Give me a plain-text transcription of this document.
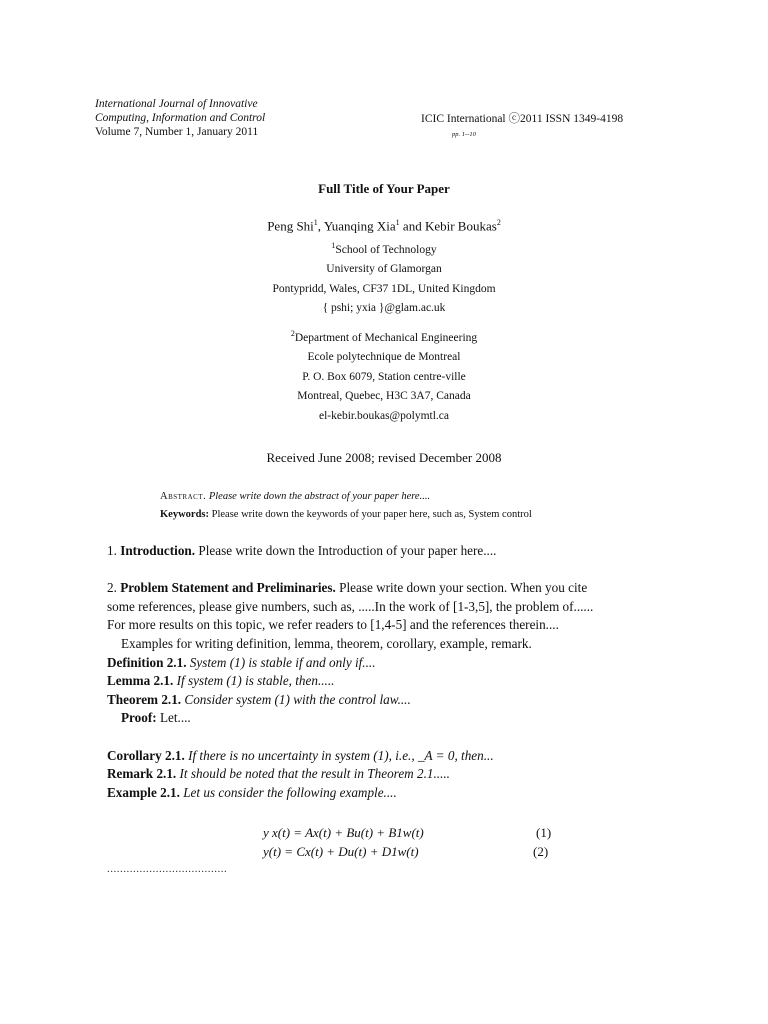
International Journal of Innovative
Computing, Information and Control
Volume 7, Number 1, January 2011
ICIC International ⓒ2011 ISSN 1349-4198
pp. 1--10
Full Title of Your Paper
Peng Shi$^1$, Yuanqing Xia$^1$ and Kebir Boukas$^2$
$^1$School of Technology
University of Glamorgan
Pontypridd, Wales, CF37 1DL, United Kingdom
{ pshi; yxia }@glam.ac.uk
$^2$Department of Mechanical Engineering
Ecole polytechnique de Montreal
P. O. Box 6079, Station centre-ville
Montreal, Quebec, H3C 3A7, Canada
el-kebir.boukas@polymtl.ca
Received June 2008; revised December 2008
Abstract. Please write down the abstract of your paper here....
Keywords: Please write down the keywords of your paper here, such as, System control

1. Introduction. Please write down the Introduction of your paper here....

2. Problem Statement and Preliminaries. Please write down your section. When you cite

some references, please give numbers, such as, .....In the work of [1-3,5], the problem of......

For more results on this topic, we refer readers to [1,4-5] and the references therein....

Examples for writing definition, lemma, theorem, corollary, example, remark.

Definition 2.1. System (1) is stable if and only if....

Lemma 2.1. If system (1) is stable, then.....

Theorem 2.1. Consider system (1) with the control law....

Proof: Let....

Corollary 2.1. If there is no uncertainty in system (1), i.e., _A = 0, then...

Remark 2.1. It should be noted that the result in Theorem 2.1.....

Example 2.1. Let us consider the following example....

y x(t) = Ax(t) + Bu(t) + B1w(t)	(1)
y(t) = Cx(t) + Du(t) + D1w(t)	(2)
.....................................
